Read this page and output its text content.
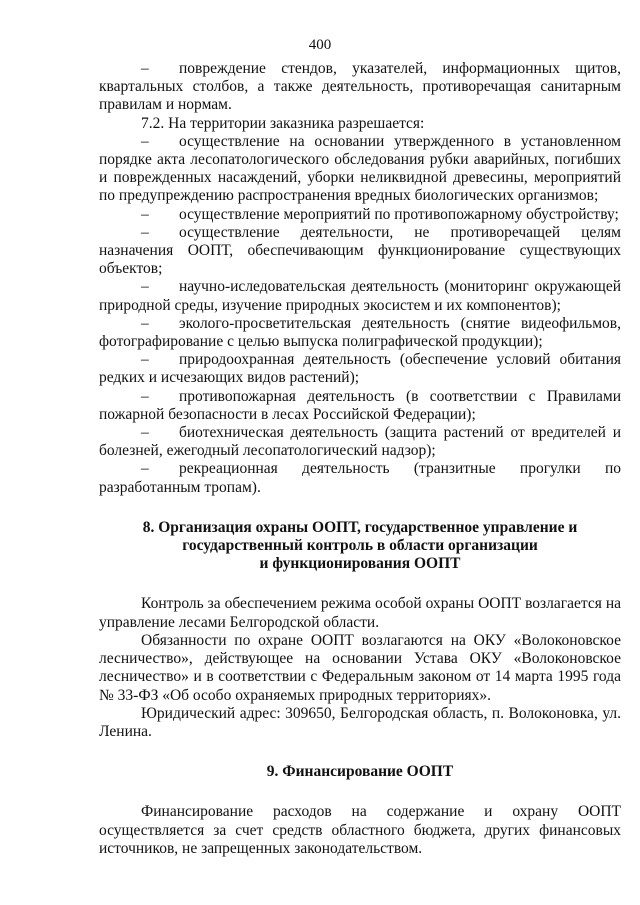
400

– повреждение стендов, указателей, информационных щитов, квартальных столбов, а также деятельность, противоречащая санитарным правилам и нормам.

7.2. На территории заказника разрешается:

– осуществление на основании утвержденного в установленном порядке акта лесопатологического обследования рубки аварийных, погибших и поврежденных насаждений, уборки неликвидной древесины, мероприятий по предупреждению распространения вредных биологических организмов;

– осуществление мероприятий по противопожарному обустройству;

– осуществление деятельности, не противоречащей целям назначения ООПТ, обеспечивающим функционирование существующих объектов;

– научно-иследовательская деятельность (мониторинг окружающей природной среды, изучение природных экосистем и их компонентов);

– эколого-просветительская деятельность (снятие видеофильмов, фотографирование с целью выпуска полиграфической продукции);

– природоохранная деятельность (обеспечение условий обитания редких и исчезающих видов растений);

– противопожарная деятельность (в соответствии с Правилами пожарной безопасности в лесах Российской Федерации);

– биотехническая деятельность (защита растений от вредителей и болезней, ежегодный лесопатологический надзор);

– рекреационная деятельность (транзитные прогулки по разработанным тропам).

8. Организация охраны ООПТ, государственное управление и

государственный контроль в области организации

и функционирования ООПТ

Контроль за обеспечением режима особой охраны ООПТ возлагается на управление лесами Белгородской области.

Обязанности по охране ООПТ возлагаются на ОКУ «Волоконовское лесничество», действующее на основании Устава ОКУ «Волоконовское лесничество» и в соответствии с Федеральным законом от 14 марта 1995 года № 33-ФЗ «Об особо охраняемых природных территориях».

Юридический адрес: 309650, Белгородская область, п. Волоконовка, ул. Ленина.

9. Финансирование ООПТ

Финансирование расходов на содержание и охрану ООПТ осуществляется за счет средств областного бюджета, других финансовых источников, не запрещенных законодательством.
